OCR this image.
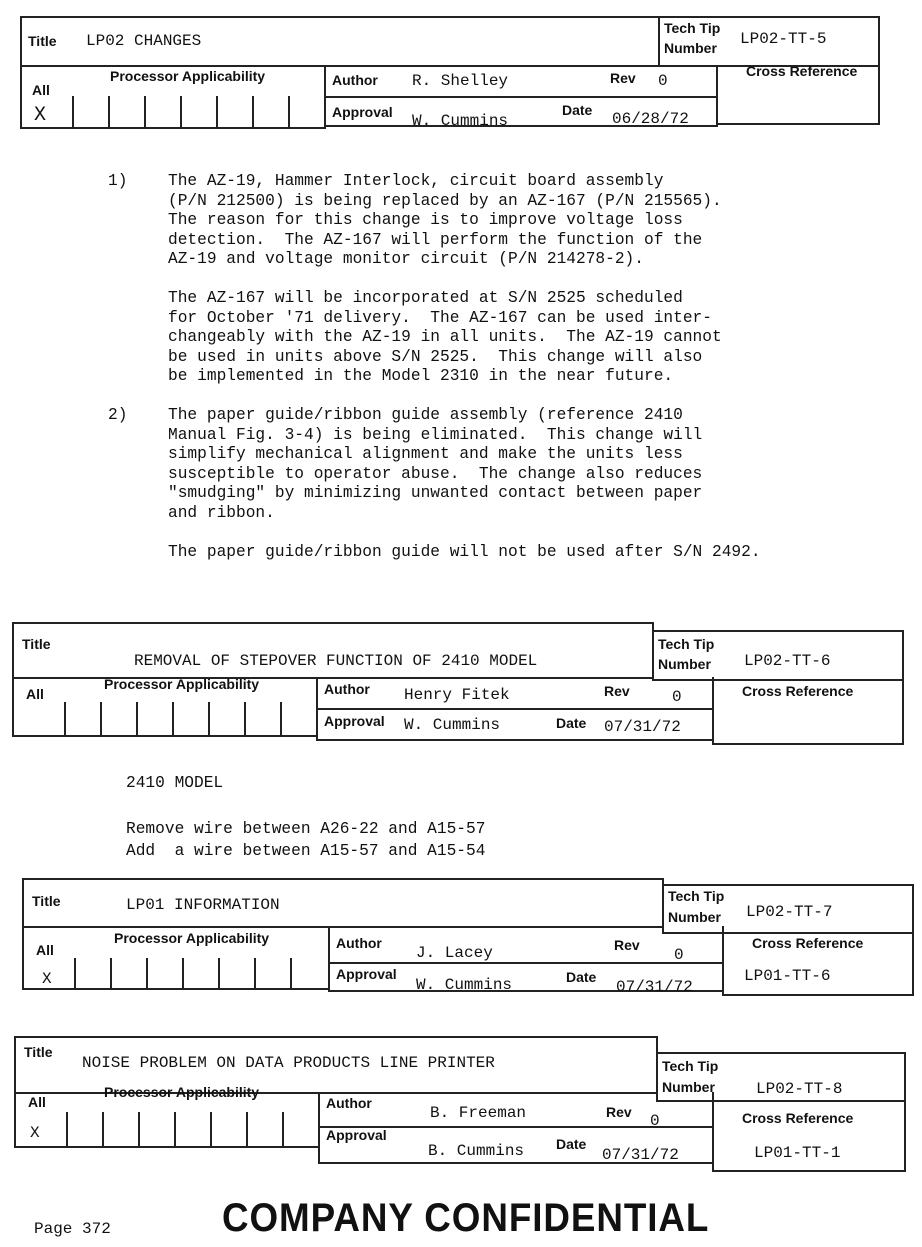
Title LP02 CHANGES
Tech Tip
Number LP02-TT-5
All
Processor Applicability
X
Author R. Shelley	Rev 0
Approval W. Cummins
Date 06/28/72
Cross Reference
1)	The AZ-19, Hammer Interlock, circuit board assembly
(P/N 212500) is being replaced by an AZ-167 (P/N 215565).
The reason for this change is to improve voltage loss
detection.  The AZ-167 will perform the function of the
AZ-19 and voltage monitor circuit (P/N 214278-2).
The AZ-167 will be incorporated at S/N 2525 scheduled
for October '71 delivery.  The AZ-167 can be used inter-
changeably with the AZ-19 in all units.  The AZ-19 cannot
be used in units above S/N 2525.  This change will also
be implemented in the Model 2310 in the near future.
2)	The paper guide/ribbon guide assembly (reference 2410
Manual Fig. 3-4) is being eliminated.  This change will
simplify mechanical alignment and make the units less
susceptible to operator abuse.  The change also reduces
"smudging" by minimizing unwanted contact between paper
and ribbon.
The paper guide/ribbon guide will not be used after S/N 2492.
Title
REMOVAL OF STEPOVER FUNCTION OF 2410 MODEL
Tech Tip
Number LP02-TT-6
All
Processor Applicability	Author Henry Fitek	Rev	0
Approval W. Cummins	Date 07/31/72
Cross Reference
2410 MODEL
Remove wire between A26-22 and A15-57
Add  a wire between A15-57 and A15-54
Title	LP01 INFORMATION	Tech Tip
Number LP02-TT-7
All
Processor Applicability
X
Author
J. Lacey	Rev
0
Approval
W. Cummins	Date
07/31/72
Cross Reference
LP01-TT-6
Title
NOISE PROBLEM ON DATA PRODUCTS LINE PRINTER	Tech Tip
Number	LP02-TT-8
All
Processor Applicability
X
Author
B. Freeman	Rev 0
Approval
B. Cummins Date
07/31/72
Cross Reference
LP01-TT-1
Page 372	COMPANY CONFIDENTIAL
